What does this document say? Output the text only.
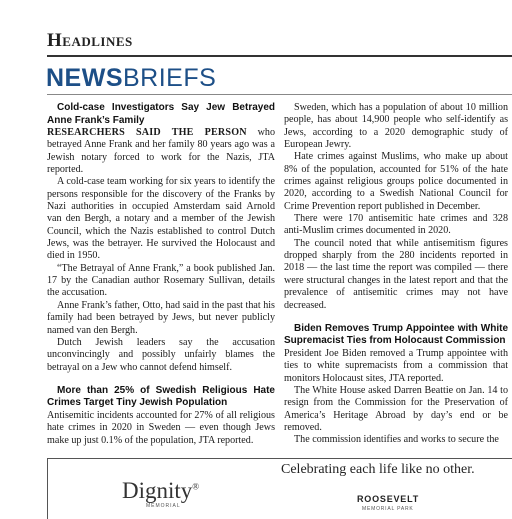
Headlines
NEWSBRIEFS

Cold-case Investigators Say Jew Betrayed Anne Frank’s Family

RESEARCHERS SAID THE PERSON who betrayed Anne Frank and her family 80 years ago was a Jewish notary forced to work for the Nazis, JTA reported.

A cold-case team working for six years to identify the persons responsible for the discovery of the Franks by Nazi authorities in occupied Amsterdam said Arnold van den Bergh, a notary and a member of the Jewish Council, which the Nazis established to control Dutch Jews, was the betrayer. He survived the Holocaust and died in 1950.

“The Betrayal of Anne Frank,” a book published Jan. 17 by the Canadian author Rosemary Sullivan, details the accusation.

Anne Frank’s father, Otto, had said in the past that his family had been betrayed by Jews, but never publicly named van den Bergh.

Dutch Jewish leaders say the accusation unconvincingly and possibly unfairly blames the betrayal on a Jew who cannot defend himself.

More than 25% of Swedish Religious Hate Crimes Target Tiny Jewish Population

Antisemitic incidents accounted for 27% of all religious hate crimes in 2020 in Sweden — even though Jews make up just 0.1% of the population, JTA reported.

Sweden, which has a population of about 10 million people, has about 14,900 people who self-identify as Jews, according to a 2020 demographic study of European Jewry.

Hate crimes against Muslims, who make up about 8% of the population, accounted for 51% of the hate crimes against religious groups police documented in 2020, according to a Swedish National Council for Crime Prevention report published in December.

There were 170 antisemitic hate crimes and 328 anti-Muslim crimes documented in 2020.

The council noted that while antisemitism figures dropped sharply from the 280 incidents reported in 2018 — the last time the report was compiled — there were structural changes in the latest report and that the prevalence of antisemitic crimes may not have decreased.

Biden Removes Trump Appointee with White Supremacist Ties from Holocaust Commission

President Joe Biden removed a Trump appointee with ties to white supremacists from a commission that monitors Holocaust sites, JTA reported.

The White House asked Darren Beattie on Jan. 14 to resign from the Commission for the Preservation of America’s Heritage Abroad by day’s end or be removed.

The commission identifies and works to secure the

Dignity®
MEMORIAL
Celebrating each life like no other.
ROOSEVELT
MEMORIAL PARK
